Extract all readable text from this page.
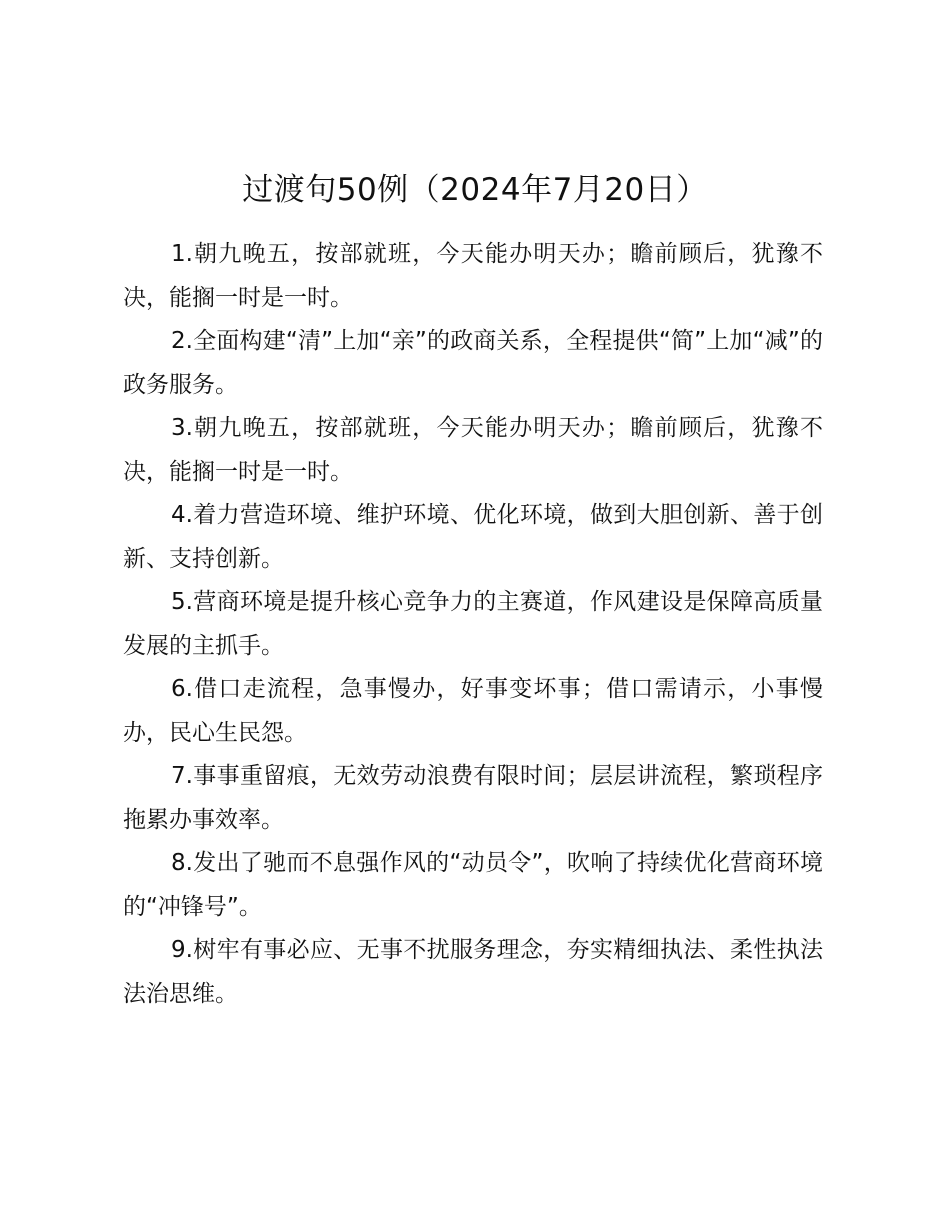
过渡句50例（2024年7月20日）

1.朝九晚五，按部就班，今天能办明天办；瞻前顾后，犹豫不决，能搁一时是一时。

2.全面构建“清”上加“亲”的政商关系，全程提供“简”上加“减”的政务服务。

3.朝九晚五，按部就班，今天能办明天办；瞻前顾后，犹豫不决，能搁一时是一时。

4.着力营造环境、维护环境、优化环境，做到大胆创新、善于创新、支持创新。

5.营商环境是提升核心竞争力的主赛道，作风建设是保障高质量发展的主抓手。

6.借口走流程，急事慢办，好事变坏事；借口需请示，小事慢办，民心生民怨。

7.事事重留痕，无效劳动浪费有限时间；层层讲流程，繁琐程序拖累办事效率。

8.发出了驰而不息强作风的“动员令”，吹响了持续优化营商环境的“冲锋号”。

9.树牢有事必应、无事不扰服务理念，夯实精细执法、柔性执法法治思维。
